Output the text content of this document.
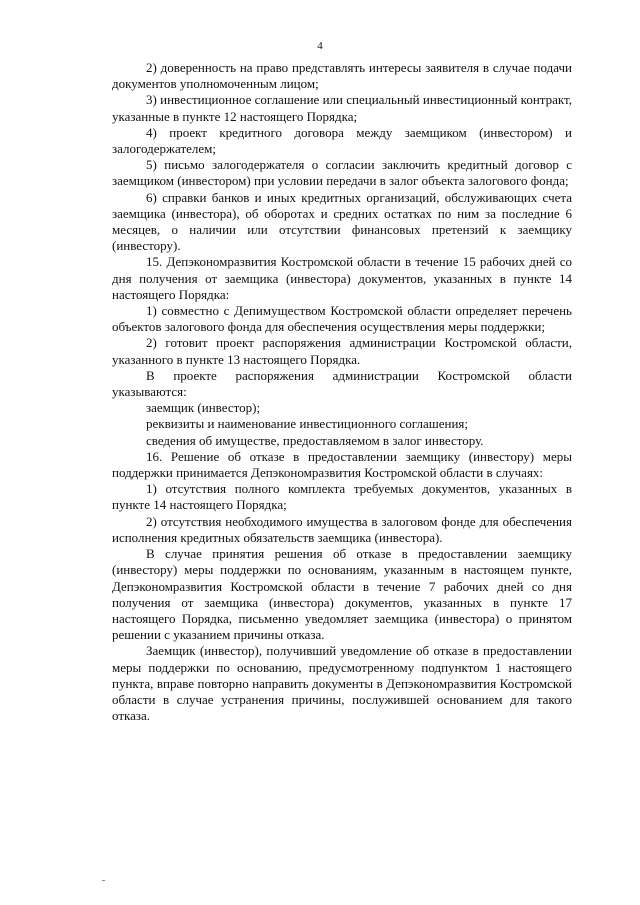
4

2) доверенность на право представлять интересы заявителя в случае подачи документов уполномоченным лицом;

3) инвестиционное соглашение или специальный инвестиционный контракт, указанные в пункте 12 настоящего Порядка;

4) проект кредитного договора между заемщиком (инвестором) и залогодержателем;

5) письмо залогодержателя о согласии заключить кредитный договор с заемщиком (инвестором) при условии передачи в залог объекта залогового фонда;

6) справки банков и иных кредитных организаций, обслуживающих счета заемщика (инвестора), об оборотах и средних остатках по ним за последние 6 месяцев, о наличии или отсутствии финансовых претензий к заемщику (инвестору).

15. Депэкономразвития Костромской области в течение 15 рабочих дней со дня получения от заемщика (инвестора) документов, указанных в пункте 14 настоящего Порядка:

1) совместно с Депимуществом Костромской области определяет перечень объектов залогового фонда для обеспечения осуществления меры поддержки;

2) готовит проект распоряжения администрации Костромской области, указанного в пункте 13 настоящего Порядка.

В проекте распоряжения администрации Костромской области указываются:

заемщик (инвестор);

реквизиты и наименование инвестиционного соглашения;

сведения об имуществе, предоставляемом в залог инвестору.

16. Решение об отказе в предоставлении заемщику (инвестору) меры поддержки принимается Депэкономразвития Костромской области в случаях:

1) отсутствия полного комплекта требуемых документов, указанных в пункте 14 настоящего Порядка;

2) отсутствия необходимого имущества в залоговом фонде для обеспечения исполнения кредитных обязательств заемщика (инвестора).

В случае принятия решения об отказе в предоставлении заемщику (инвестору) меры поддержки по основаниям, указанным в настоящем пункте, Депэкономразвития Костромской области в течение 7 рабочих дней со дня получения от заемщика (инвестора) документов, указанных в пункте 17 настоящего Порядка, письменно уведомляет заемщика (инвестора) о принятом решении с указанием причины отказа.

Заемщик (инвестор), получивший уведомление об отказе в предоставлении меры поддержки по основанию, предусмотренному подпунктом 1 настоящего пункта, вправе повторно направить документы в Депэкономразвития Костромской области в случае устранения причины, послужившей основанием для такого отказа.
